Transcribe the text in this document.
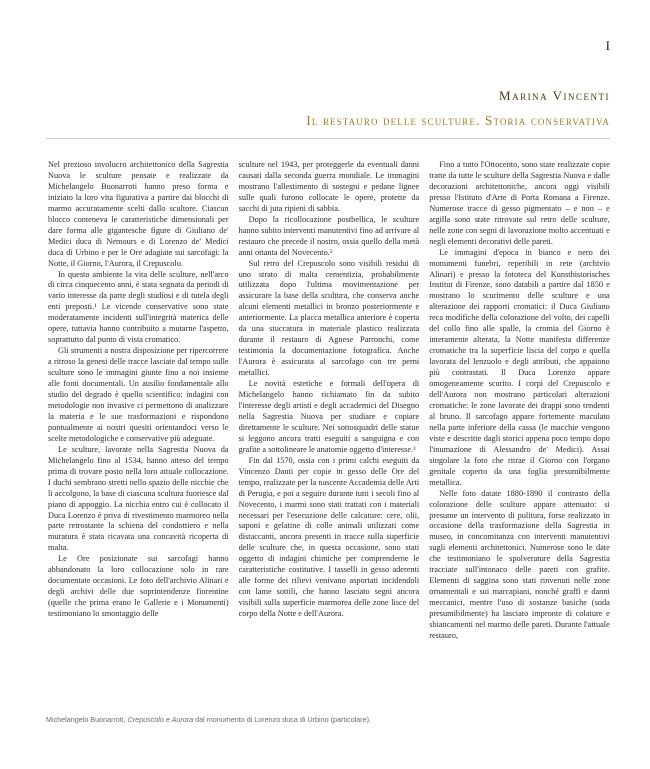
I
Marina Vincenti
Il restauro delle sculture. Storia conservativa

Nel prezioso involucro architettonico della Sagrestia Nuova le sculture pensate e realizzate da Michelangelo Buonarroti hanno preso forma e iniziato la loro vita figurativa a partire dai blocchi di marmo accuratamente scelti dallo scultore. Ciascun blocco conteneva le caratteristiche dimensionali per dare forma alle gigantesche figure di Giuliano de' Medici duca di Nemours e di Lorenzo de' Medici duca di Urbino e per le Ore adagiate sui sarcofagi: la Notte, il Giorno, l'Aurora, il Crepuscolo.

In questo ambiente la vita delle sculture, nell'arco di circa cinquecento anni, è stata segnata da periodi di vario interesse da parte degli studiosi e di tutela degli enti preposti.¹ Le vicende conservative sono state moderatamente incidenti sull'integrità materica delle opere, tuttavia hanno contribuito a mutarne l'aspetto, soprattutto dal punto di vista cromatico.

Gli strumenti a nostra disposizione per ripercorrere a ritroso la genesi delle tracce lasciate dal tempo sulle sculture sono le immagini giunte fino a noi insieme alle fonti documentali. Un ausilio fondamentale allo studio del degrado è quello scientifico: indagini con metodologie non invasive ci permettono di analizzare la materia e le sue trasformazioni e rispondono puntualmente ai nostri quesiti orientandoci verso le scelte metodologiche e conservative più adeguate.

Le sculture, lavorate nella Sagrestia Nuova da Michelangelo fino al 1534, hanno atteso del tempo prima di trovare posto nella loro attuale collocazione. I duchi sembrano stretti nello spazio delle nicchie che li accolgono, la base di ciascuna scultura fuoriesce dal piano di appoggio. La nicchia entro cui è collocato il Duca Lorenzo è priva di rivestimento marmoreo nella parte retrostante la schiena del condottiero e nella muratura è stata ricavata una concavità ricoperta di malta.

Le Ore posizionate sui sarcofagi hanno abbandonato la loro collocazione solo in rare documentate occasioni. Le foto dell'archivio Alinari e degli archivi delle due soprintendenze fiorentine (quelle che prima erano le Gallerie e i Monumenti) testimoniano lo smontaggio delle

sculture nel 1943, per proteggerle da eventuali danni causati dalla seconda guerra mondiale. Le immagini mostrano l'allestimento di sostegni e pedane lignee sulle quali furono collocate le opere, protette da sacchi di juta ripieni di sabbia.

Dopo la ricollocazione postbellica, le sculture hanno subito interventi manutentivi fino ad arrivare al restauro che precede il nostro, ossia quello della metà anni ottanta del Novecento.²

Sul retro del Crepuscolo sono visibili residui di uno strato di malta cementizia, probabilmente utilizzata dopo l'ultima movimentazione per assicurare la base della scultura, che conserva anche alcuni elementi metallici in bronzo posteriormente e anteriormente. La placca metallica anteriore è coperta da una stuccatura in materiale plastico realizzata durante il restauro di Agnese Parronchi, come testimonia la documentazione fotografica. Anche l'Aurora è assicurata al sarcofago con tre perni metallici.

Le novità estetiche e formali dell'opera di Michelangelo hanno richiamato fin da subito l'interesse degli artisti e degli accademici del Disegno nella Sagrestia Nuova per studiare e copiare direttamente le sculture. Nei sottosquadri delle statue si leggono ancora tratti eseguiti a sanguigna e con grafite a sottolineare le anatomie oggetto d'interesse.³

Fin dal 1570, ossia con i primi calchi eseguiti da Vincenzo Danti per copie in gesso delle Ore del tempo, realizzate per la nascente Accademia delle Arti di Perugia, e poi a seguire durante tutti i secoli fino al Novecento, i marmi sono stati trattati con i materiali necessari per l'esecuzione delle calcature: cere, olii, saponi e gelatine di colle animali utilizzati come distaccanti, ancora presenti in tracce sulla superficie delle sculture che, in questa occasione, sono stati oggetto di indagini chimiche per comprenderne le caratteristiche costitutive. I tasselli in gesso aderenti alle forme dei rilievi venivano asportati incidendoli con lame sottili, che hanno lasciato segni ancora visibili sulla superficie marmorea delle zone lisce del corpo della Notte e dell'Aurora.

Fino a tutto l'Ottocento, sono state realizzate copie tratte da tutte le sculture della Sagrestia Nuova e dalle decorazioni architettoniche, ancora oggi visibili presso l'Istituto d'Arte di Porta Romana a Firenze. Numerose tracce di gesso pigmentato – e non – e argilla sono state ritrovate sul retro delle sculture, nelle zone con segni di lavorazione molto accentuati e negli elementi decorativi delle pareti.

Le immagini d'epoca in bianco e nero dei monumenti funebri, reperibili in rete (archivio Alinari) e presso la fototeca del Kunsthistorisches Institut di Firenze, sono databili a partire dal 1850 e mostrano lo scurimento delle sculture e una alterazione dei rapporti cromatici: il Duca Giuliano reca modifiche della colorazione del volto, dei capelli del collo fino alle spalle, la cromia del Giorno è interamente alterata, la Notte manifesta differenze cromatiche tra la superficie liscia del corpo e quella lavorata del lenzuolo e degli attributi, che appaiono più contrastati. Il Duca Lorenzo appare omogeneamente scurito. I corpi del Crepuscolo e dell'Aurora non mostrano particolari alterazioni cromatiche: le zone lavorate dei drappi sono tendenti al bruno. Il sarcofago appare fortemente maculato nella parte inferiore della cassa (le macchie vengono viste e descritte dagli storici appena poco tempo dopo l'inumazione di Alessandro de' Medici). Assai singolare la foto che ritrae il Giorno con l'organo genitale coperto da una foglia presumibilmente metallica.

Nelle foto datate 1880-1890 il contrasto della colorazione delle sculture appare attenuato: si presume un intervento di pulitura, forse realizzato in occasione della trasformazione della Sagrestia in museo, in concomitanza con interventi manutentivi sugli elementi architettonici. Numerose sono le date che testimoniano le spolverature della Sagrestia tracciate sull'intonaco delle pareti con grafite. Elementi di saggina sono stati rinvenuti nelle zone ornamentali e sui marcapiani, nonché graffi e danni meccanici, mentre l'uso di sostanze basiche (soda presumibilmente) ha lasciato impronte di colature e sbiancamenti nel marmo delle pareti. Durante l'attuale restauro,

Michelangelo Buonarroti, Crepuscolo e Aurora dal monumento di Lorenzo duca di Urbino (particolare).
